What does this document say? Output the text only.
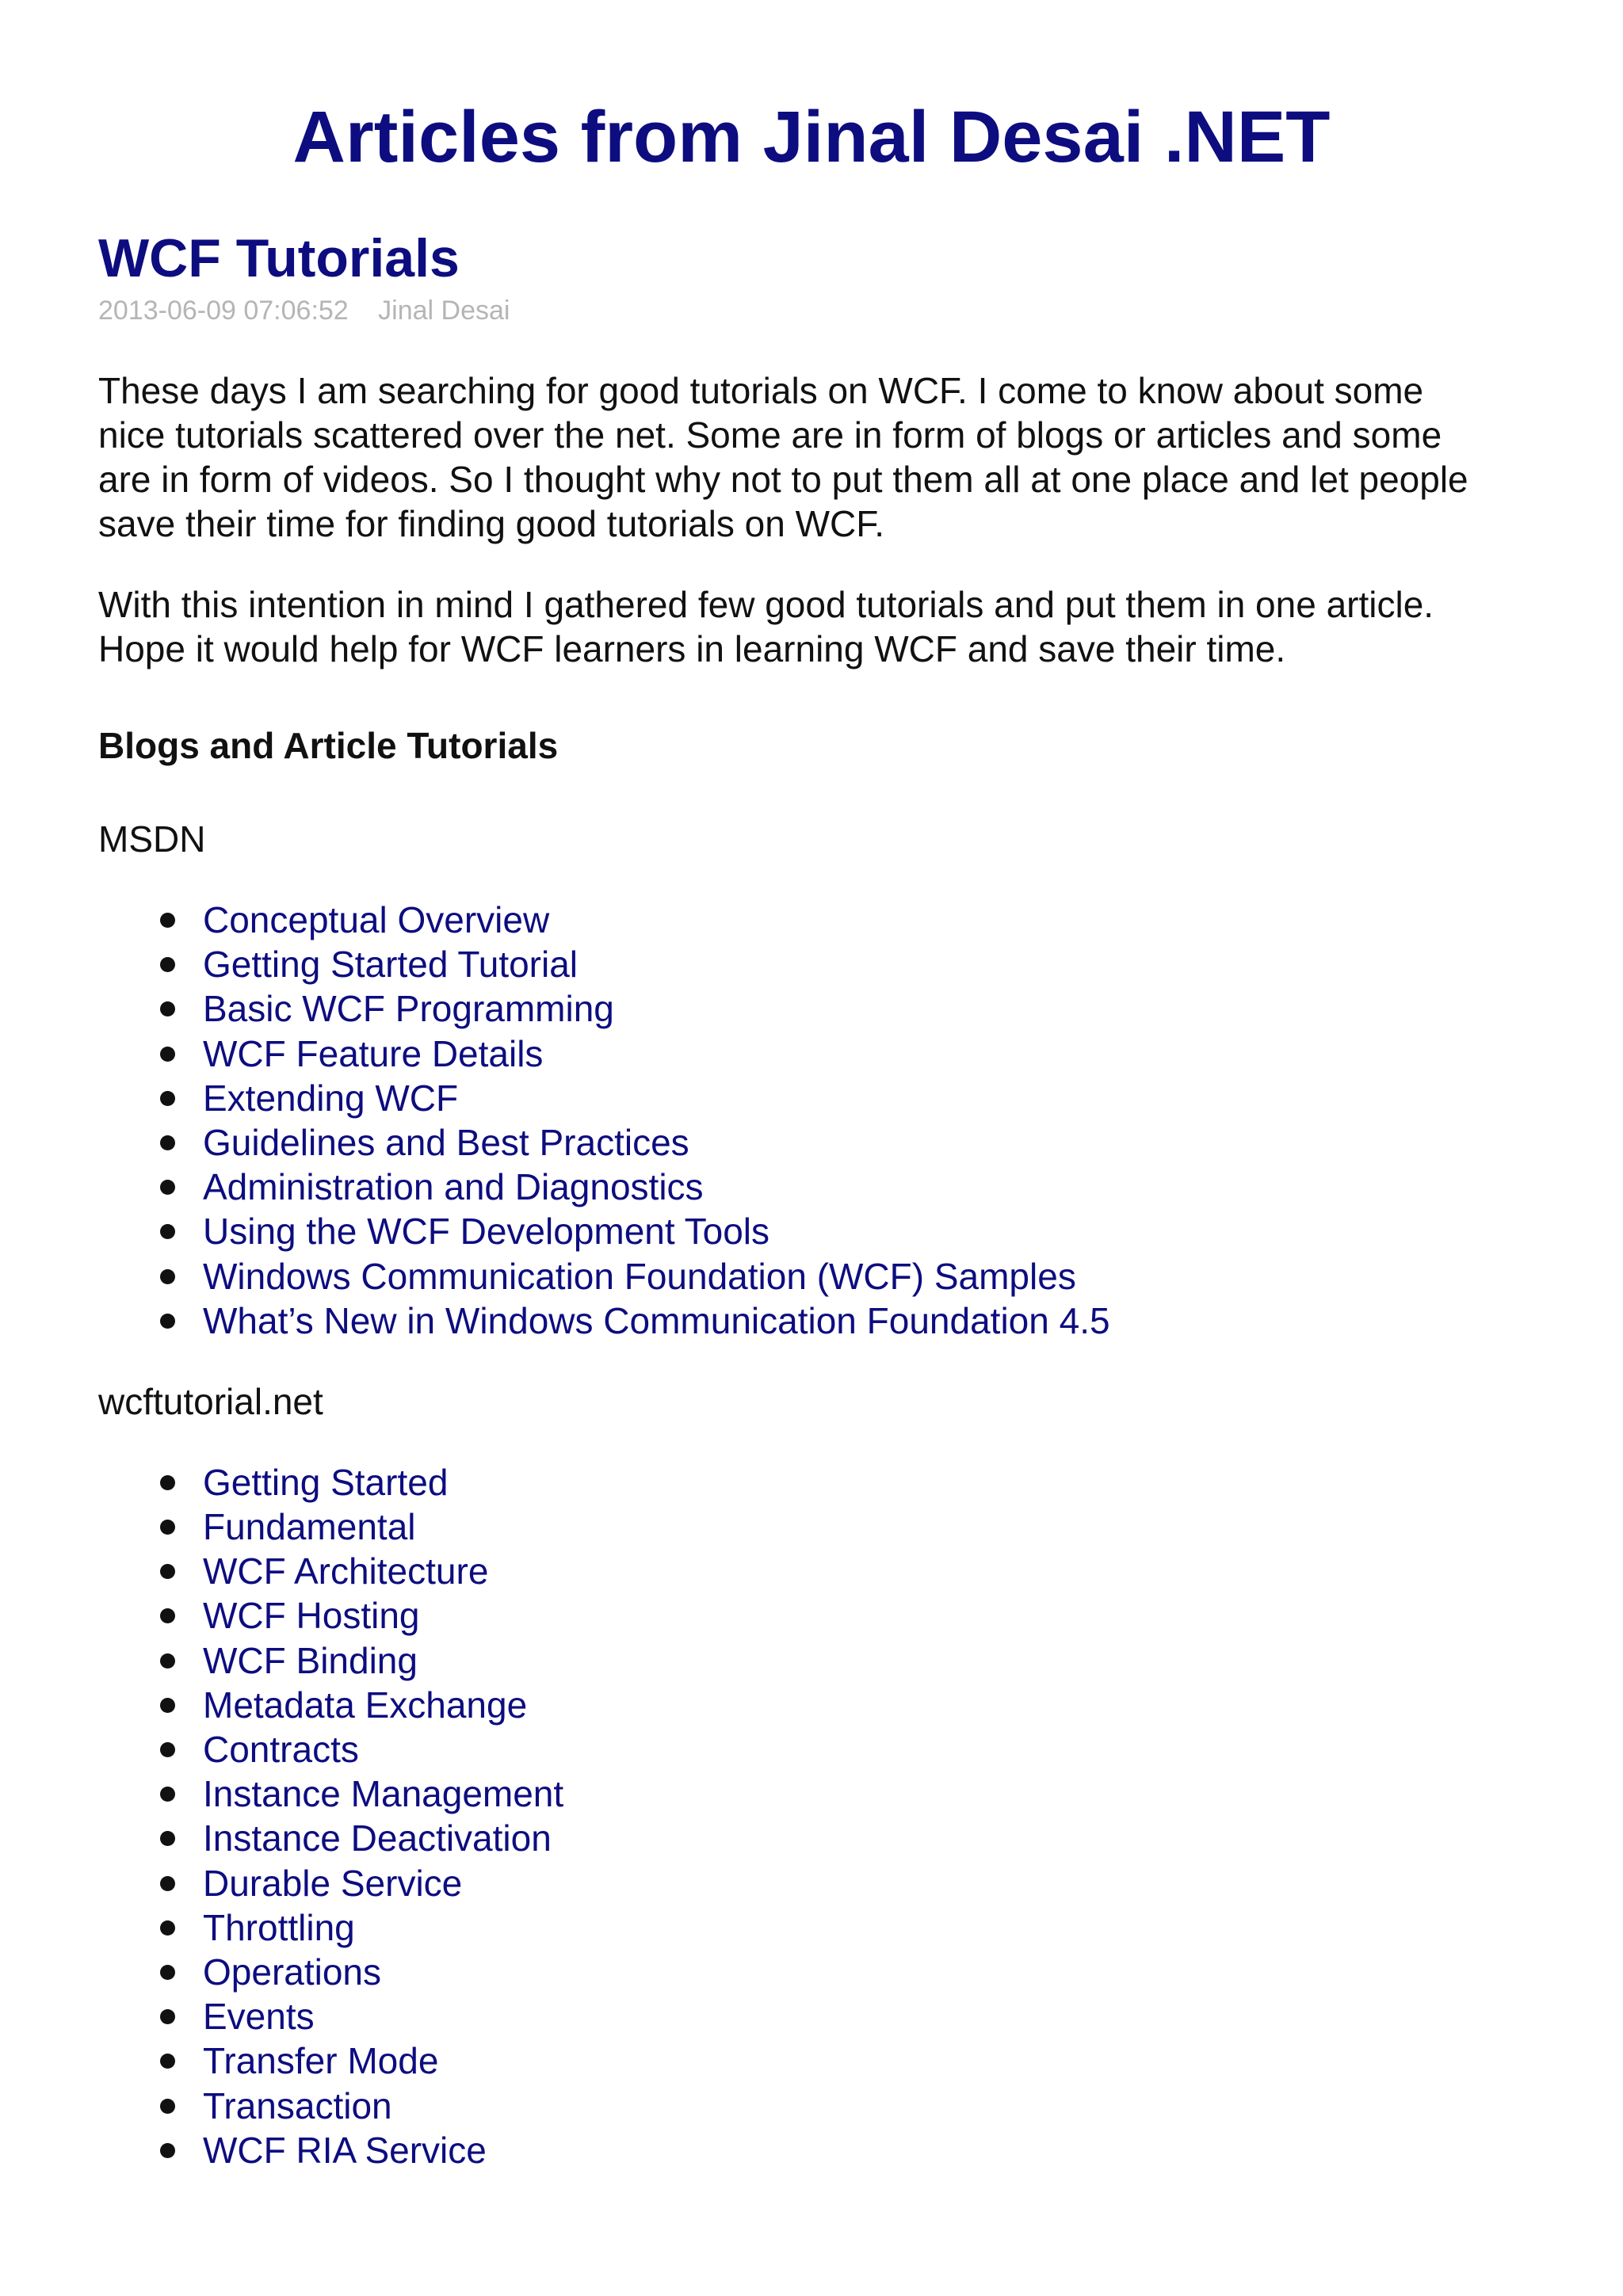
Articles from Jinal Desai .NET
WCF Tutorials
2013-06-09 07:06:52 Jinal Desai

These days I am searching for good tutorials on WCF. I come to know about some
nice tutorials scattered over the net. Some are in form of blogs or articles and some
are in form of videos. So I thought why not to put them all at one place and let people
save their time for finding good tutorials on WCF.

With this intention in mind I gathered few good tutorials and put them in one article.
Hope it would help for WCF learners in learning WCF and save their time.

Blogs and Article Tutorials

MSDN

Conceptual Overview
Getting Started Tutorial
Basic WCF Programming
WCF Feature Details
Extending WCF
Guidelines and Best Practices
Administration and Diagnostics
Using the WCF Development Tools
Windows Communication Foundation (WCF) Samples
What’s New in Windows Communication Foundation 4.5

wcftutorial.net

Getting Started
Fundamental
WCF Architecture
WCF Hosting
WCF Binding
Metadata Exchange
Contracts
Instance Management
Instance Deactivation
Durable Service
Throttling
Operations
Events
Transfer Mode
Transaction
WCF RIA Service
